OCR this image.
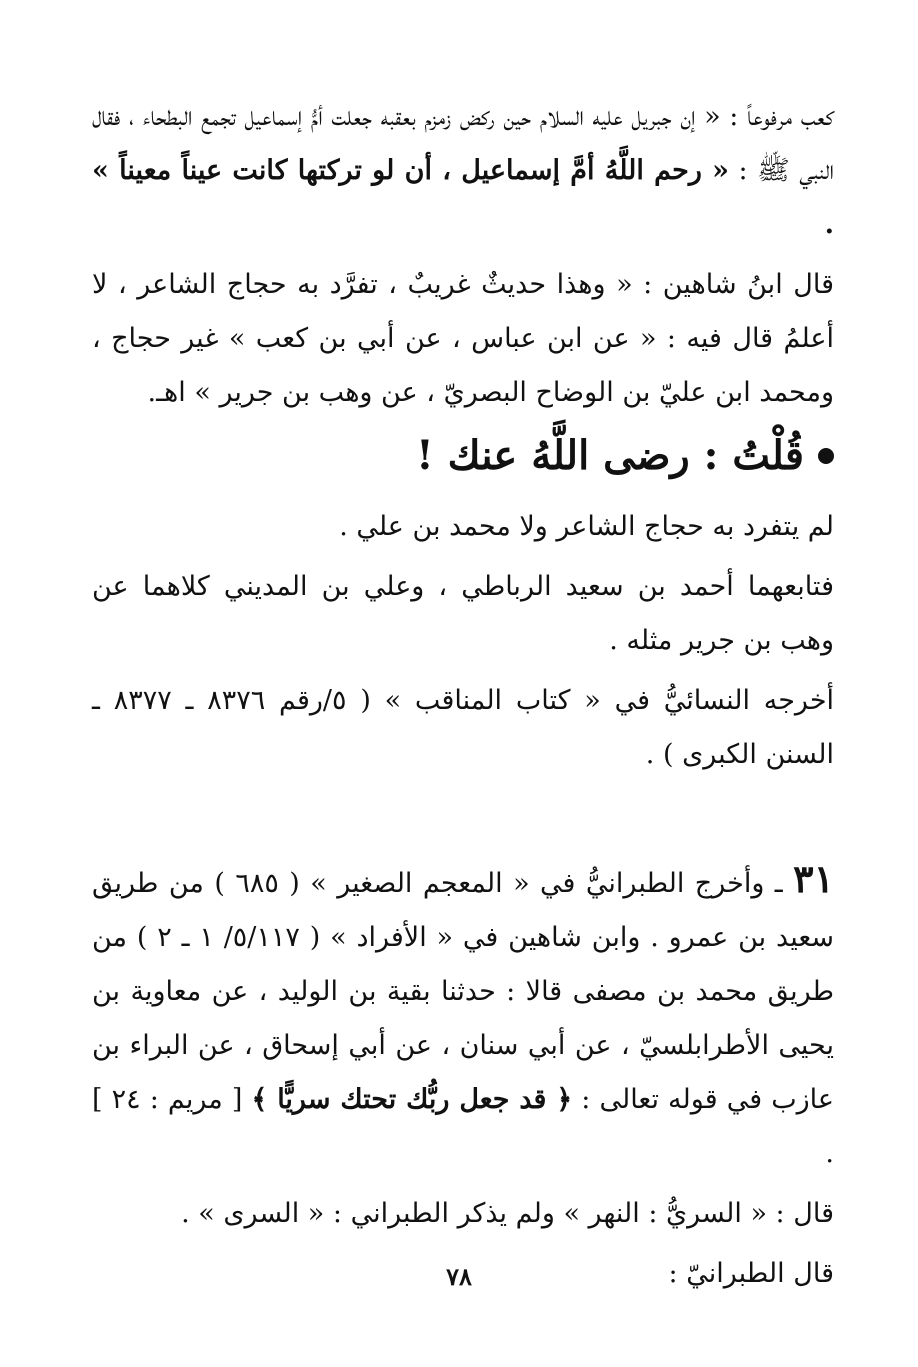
كعب مرفوعاً : « إن جبريل عليه السلام حين ركض زمزم بعقبه جعلت أمُّ إسماعيل تجمع البطحاء ، فقال النبي ﷺ : « رحم اللَّهُ أمَّ إسماعيل ، أن لو تركتها كانت عيناً معيناً » .

قال ابنُ شاهين : « وهذا حديثٌ غريبٌ ، تفرَّد به حجاج الشاعر ، لا أعلمُ قال فيه : « عن ابن عباس ، عن أبي بن كعب » غير حجاج ، ومحمد ابن عليّ بن الوضاح البصريّ ، عن وهب بن جرير » اهـ.

قُلْتُ : رضى اللَّهُ عنك !

لم يتفرد به حجاج الشاعر ولا محمد بن علي .

فتابعهما أحمد بن سعيد الرباطي ، وعلي بن المديني كلاهما عن وهب بن جرير مثله .

أخرجه النسائيُّ في « كتاب المناقب » ( ٥/رقم ٨٣٧٦ ـ ٨٣٧٧ ـ السنن الكبرى ) .

٣١ ـ وأخرج الطبرانيُّ في « المعجم الصغير » ( ٦٨٥ ) من طريق سعيد بن عمرو . وابن شاهين في « الأفراد » ( ٥/١١٧/ ١ ـ ٢ ) من طريق محمد بن مصفى قالا : حدثنا بقية بن الوليد ، عن معاوية بن يحيى الأطرابلسيّ ، عن أبي سنان ، عن أبي إسحاق ، عن البراء بن عازب في قوله تعالى : ﴿ قد جعل ربُّك تحتك سريًّا ﴾ [ مريم : ٢٤ ] .

قال : « السريُّ : النهر » ولم يذكر الطبراني : « السرى » .

قال الطبرانيّ :

٧٨
